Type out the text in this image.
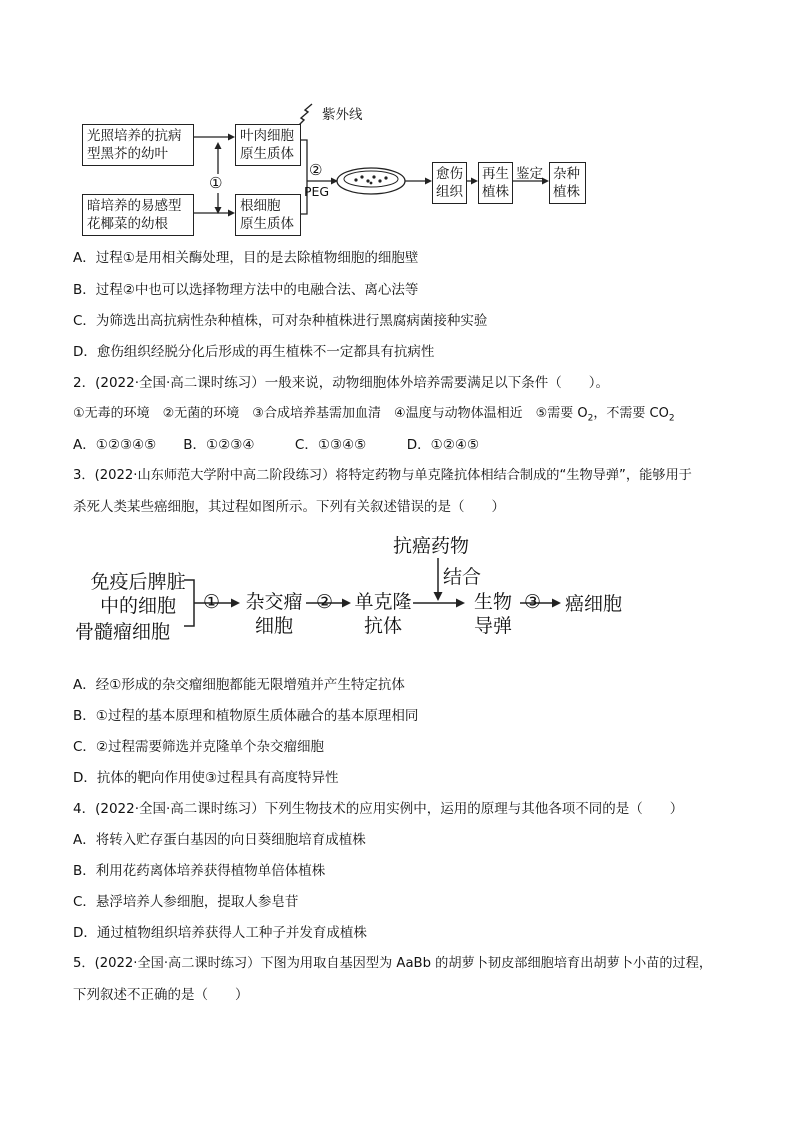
紫外线
光照培养的抗病
型黑芥的幼叶
暗培养的易感型
花椰菜的幼根
①
叶肉细胞
原生质体
根细胞
原生质体
②
PEG
愈伤
组织
再生
植株
鉴定 杂种
植株
A．过程①是用相关酶处理，目的是去除植物细胞的细胞壁
B．过程②中也可以选择物理方法中的电融合法、离心法等
C．为筛选出高抗病性杂种植株，可对杂种植株进行黑腐病菌接种实验
D．愈伤组织经脱分化后形成的再生植株不一定都具有抗病性
2．(2022·全国·高二课时练习）一般来说，动物细胞体外培养需要满足以下条件（　　）。
①无毒的环境　②无菌的环境　③合成培养基需加血清　④温度与动物体温相近　⑤需要 $O_2$，不需要 $CO_2$
A．①②③④⑤　　B．①②③④　　　C．①③④⑤　　　D．①②④⑤
3．(2022·山东师范大学附中高二阶段练习）将特定药物与单克隆抗体相结合制成的“生物导弹”，能够用于
杀死人类某些癌细胞，其过程如图所示。下列有关叙述错误的是（　　）
抗癌药物
结合
免疫后脾脏
中的细胞
骨髓瘤细胞
① 杂交瘤
细胞
② 单克隆
抗体
生物
导弹
③ 癌细胞
A．经①形成的杂交瘤细胞都能无限增殖并产生特定抗体
B．①过程的基本原理和植物原生质体融合的基本原理相同
C．②过程需要筛选并克隆单个杂交瘤细胞
D．抗体的靶向作用使③过程具有高度特异性
4．(2022·全国·高二课时练习）下列生物技术的应用实例中，运用的原理与其他各项不同的是（　　）
A．将转入贮存蛋白基因的向日葵细胞培育成植株
B．利用花药离体培养获得植物单倍体植株
C．悬浮培养人参细胞，提取人参皂苷
D．通过植物组织培养获得人工种子并发育成植株
5．(2022·全国·高二课时练习）下图为用取自基因型为 AaBb 的胡萝卜韧皮部细胞培育出胡萝卜小苗的过程，
下列叙述不正确的是（　　）
